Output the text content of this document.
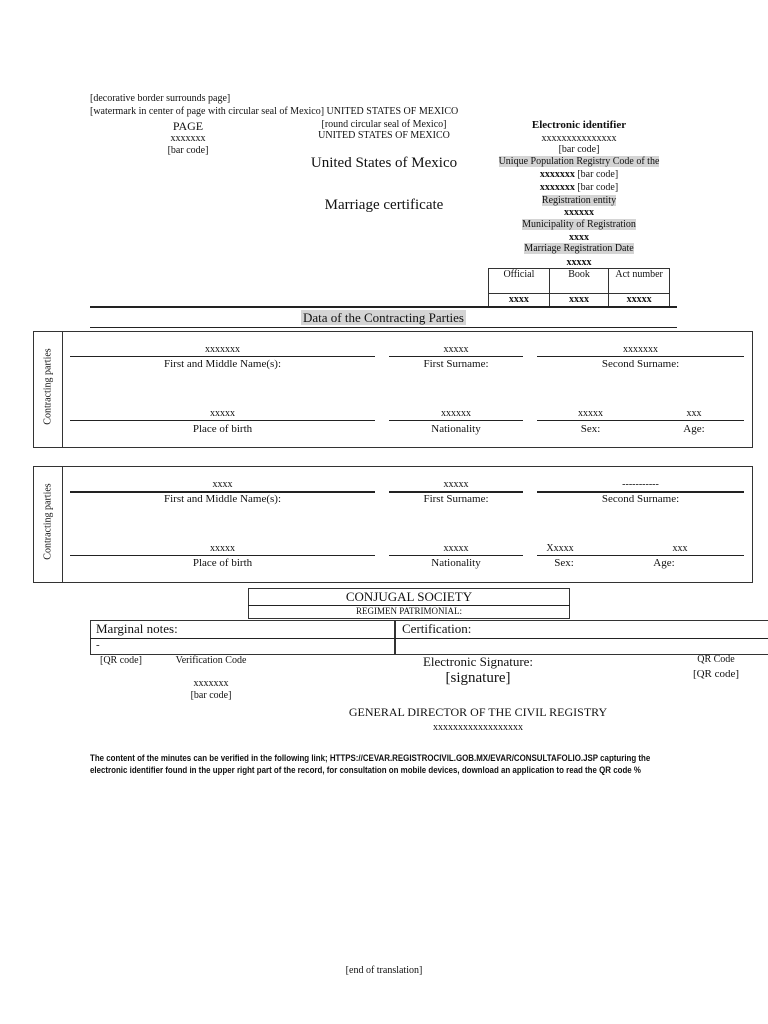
[decorative border surrounds page]
[watermark in center of page with circular seal of Mexico] UNITED STATES OF MEXICO
PAGE
xxxxxxx
[bar code]
[round circular seal of Mexico]
UNITED STATES OF MEXICO
United States of Mexico
Marriage certificate
Electronic identifier
xxxxxxxxxxxxxxx
[bar code]
Unique Population Registry Code of the
xxxxxxx [bar code]
xxxxxxx [bar code]
Registration entity
xxxxxx
Municipality of Registration
xxxx
Marriage Registration Date
xxxxx
Official	Book	Act number
xxxx	xxxx	xxxxx
Data of the Contracting Parties
Contracting parties	xxxxxxx	xxxxx	xxxxxxx
First and Middle Name(s):	First Surname:	Second Surname:
xxxxx	xxxxxx	xxxxx	xxx
Place of birth	Nationality	Sex:	Age:
Contracting parties	xxxx	xxxxx	-----------
First and Middle Name(s):	First Surname:	Second Surname:
xxxxx	xxxxx	Xxxxx	xxx
Place of birth	Nationality	Sex:	Age:
CONJUGAL SOCIETY
REGIMEN PATRIMONIAL:
Marginal notes:
-
Certification:
[QR code]	Verification Code
xxxxxxx
[bar code]
Electronic Signature:
[signature]
QR Code
[QR code]
GENERAL DIRECTOR OF THE CIVIL REGISTRY
xxxxxxxxxxxxxxxxxx
The content of the minutes can be verified in the following link; HTTPS://CEVAR.REGISTROCIVIL.GOB.MX/EVAR/CONSULTAFOLIO.JSP capturing the electronic identifier found in the upper right part of the record, for consultation on mobile devices, download an application to read the QR code %
[end of translation]
